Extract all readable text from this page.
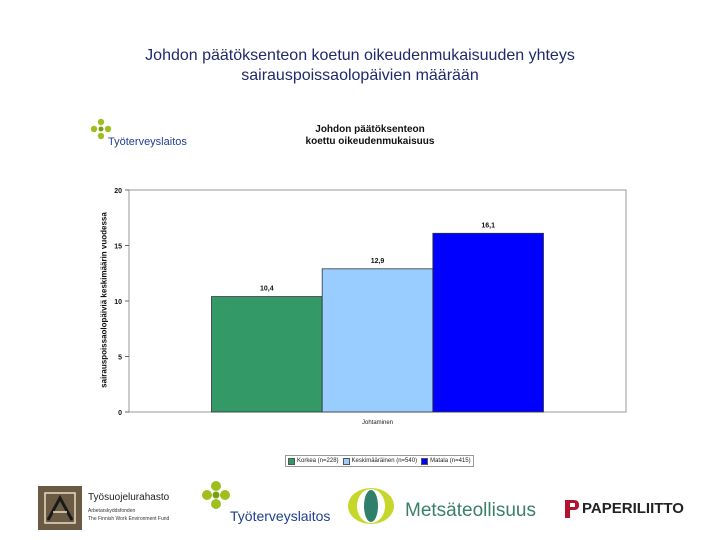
Johdon päätöksenteon koetun oikeudenmukaisuuden yhteys
sairauspoissaolopäivien määrään
Työterveyslaitos
Johdon päätöksenteon
koettu oikeudenmukaisuus
sairauspoissaolopäiviä keskimäärin vuodessa
0
5
10
15
20
10,4
12,9
16,1
Johtaminen
Korkea (n=228) Keskimääräinen (n=540) Matala (n=415)
Työsuojelurahasto
Arbetarskyddsfonden
The Finnish Work Environment Fund	Työterveyslaitos	Metsäteollisuus	PAPERILIITTO
